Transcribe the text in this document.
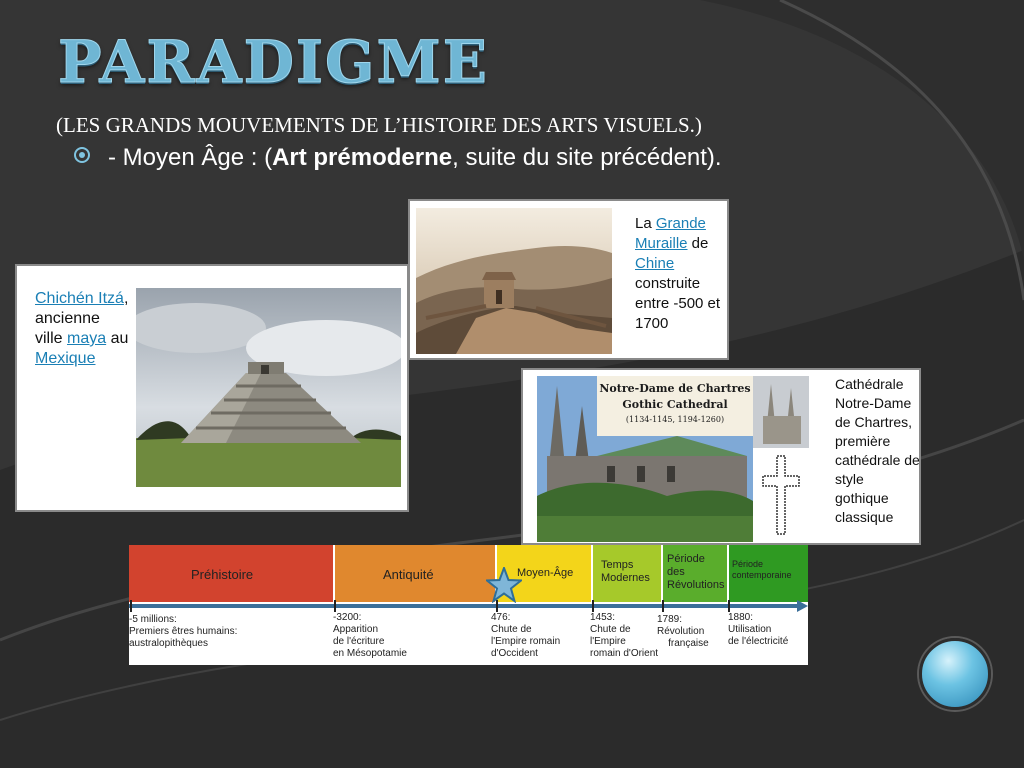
PARADIGME
(LES GRANDS MOUVEMENTS DE L’HISTOIRE DES ARTS VISUELS.)
- Moyen Âge : (Art prémoderne, suite du site précédent).
La Grande Muraille de Chine construite entre -500 et 1700
Chichén Itzá, ancienne ville maya au Mexique
Notre-Dame de Chartres
Gothic Cathedral
(1134-1145, 1194-1260)
Cathédrale Notre-Dame de Chartres, première cathédrale de style gothique classique
Préhistoire	Antiquité	Moyen-Âge
Temps
Modernes
Période
des
Révolutions
Période
contemporaine
-5 millions:
Premiers êtres humains:
australopithèques
-3200:
Apparition
de l'écriture
en Mésopotamie
476:
Chute de
l'Empire romain
d'Occident
1453:
Chute de
l'Empire
romain d'Orient
1789:
Révolution
française
1880:
Utilisation
de l'électricité
